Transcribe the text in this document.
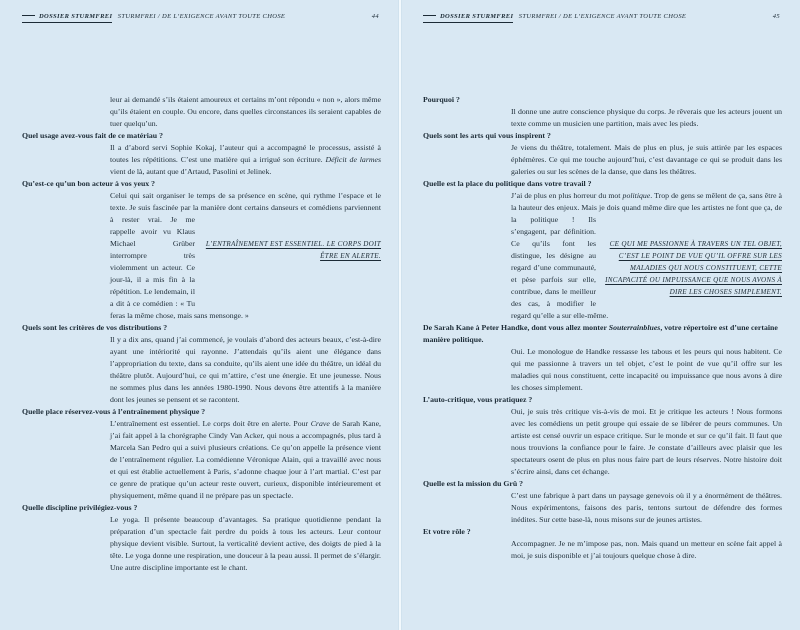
DOSSIER STURMFREI STURMFREI / DE L’EXIGENCE AVANT TOUTE CHOSE	44
leur ai demandé s’ils étaient amoureux et certains m’ont répondu « non », alors même qu’ils étaient en couple. Ou encore, dans quelles circonstances ils seraient capables de tuer quelqu’un.
Quel usage avez-vous fait de ce matériau ?
Il a d’abord servi Sophie Kokaj, l’auteur qui a accompagné le processus, assisté à toutes les répétitions. C’est une matière qui a irrigué son écriture. Déficit de larmes vient de là, autant que d’Artaud, Pasolini et Jelinek.
Qu’est-ce qu’un bon acteur à vos yeux ?
Celui qui sait organiser le temps de sa présence en scène, qui rythme l’espace et le texte. Je suis fascinée par la manière dont certains danseurs et comédiens
L’ENTRAÎNEMENT EST ESSENTIEL. LE CORPS DOIT ÊTRE EN ALERTE.
parviennent à rester vrai. Je me rappelle avoir vu Klaus Michael Grüber interrompre très violemment un acteur. Ce jour-là, il a mis fin à la répétition. Le lendemain, il a dit à ce comédien : « Tu feras la même chose, mais sans mensonge. »
Quels sont les critères de vos distributions ?
Il y a dix ans, quand j’ai commencé, je voulais d’abord des acteurs beaux, c’est-à-dire ayant une intériorité qui rayonne. J’attendais qu’ils aient une élégance dans l’appropriation du texte, dans sa conduite, qu’ils aient une idée du théâtre, un idéal du théâtre plutôt. Aujourd’hui, ce qui m’attire, c’est une énergie. Et une jeunesse. Nous ne sommes plus dans les années 1980-1990. Nous devons être attentifs à la manière dont les jeunes se pensent et se racontent.
Quelle place réservez-vous à l’entraînement physique ?
L’entraînement est essentiel. Le corps doit être en alerte. Pour Crave de Sarah Kane, j’ai fait appel à la chorégraphe Cindy Van Acker, qui nous a accompagnés, plus tard à Marcela San Pedro qui a suivi plusieurs créations. Ce qu’on appelle la présence vient de l’entraînement régulier. La comédienne Véronique Alain, qui a travaillé avec nous et qui est établie actuellement à Paris, s’adonne chaque jour à l’art martial. C’est par ce genre de pratique qu’un acteur reste ouvert, curieux, disponible intérieurement et physiquement, même quand il ne prépare pas un spectacle.
Quelle discipline privilégiez-vous ?
Le yoga. Il présente beaucoup d’avantages. Sa pratique quotidienne pendant la préparation d’un spectacle fait perdre du poids à tous les acteurs. Leur contour physique devient visible. Surtout, la verticalité devient active, des doigts de pied à la tête. Le yoga donne une respiration, une douceur à la peau aussi. Il permet de s’élargir. Une autre discipline importante est le chant.
DOSSIER STURMFREI STURMFREI / DE L’EXIGENCE AVANT TOUTE CHOSE	45
Pourquoi ?
Il donne une autre conscience physique du corps. Je rêverais que les acteurs jouent un texte comme un musicien une partition, mais avec les pieds.
Quels sont les arts qui vous inspirent ?
Je viens du théâtre, totalement. Mais de plus en plus, je suis attirée par les espaces éphémères. Ce qui me touche aujourd’hui, c’est davantage ce qui se produit dans les galeries ou sur les scènes de la danse, que dans les théâtres.
Quelle est la place du politique dans votre travail ?
J’ai de plus en plus horreur du mot politique. Trop de gens se mêlent de ça, sans être à la hauteur des enjeux. Mais je dois quand même dire que les artistes
CE QUI ME PASSIONNE À TRAVERS UN TEL OBJET, C’EST LE POINT DE VUE QU’IL OFFRE SUR LES MALADIES QUI NOUS CONSTITUENT, CETTE INCAPACITÉ OU IMPUISSANCE QUE NOUS AVONS À DIRE LES CHOSES SIMPLEMENT.
ne font que ça, de la politique ! Ils s’engagent, par définition. Ce qu’ils font les distingue, les désigne au regard d’une communauté, et pèse parfois sur elle, contribue, dans le meilleur des cas, à modifier le regard qu’elle a sur elle-même.
De Sarah Kane à Peter Handke, dont vous allez monter Souterrainblues, votre répertoire est d’une certaine manière politique.
Oui. Le monologue de Handke ressasse les tabous et les peurs qui nous habitent. Ce qui me passionne à travers un tel objet, c’est le point de vue qu’il offre sur les maladies qui nous constituent, cette incapacité ou impuissance que nous avons à dire les choses simplement.
L’auto-critique, vous pratiquez ?
Oui, je suis très critique vis-à-vis de moi. Et je critique les acteurs ! Nous formons avec les comédiens un petit groupe qui essaie de se libérer de peurs communes. Un artiste est censé ouvrir un espace critique. Sur le monde et sur ce qu’il fait. Il faut que nous trouvions la confiance pour le faire. Je constate d’ailleurs avec plaisir que les spectateurs osent de plus en plus nous faire part de leurs réserves. Notre histoire doit s’écrire ainsi, dans cet échange.
Quelle est la mission du Grü ?
C’est une fabrique à part dans un paysage genevois où il y a énormément de théâtres. Nous expérimentons, faisons des paris, tentons surtout de défendre des formes inédites. Sur cette base-là, nous misons sur de jeunes artistes.
Et votre rôle ?
Accompagner. Je ne m’impose pas, non. Mais quand un metteur en scène fait appel à moi, je suis disponible et j’ai toujours quelque chose à dire.
